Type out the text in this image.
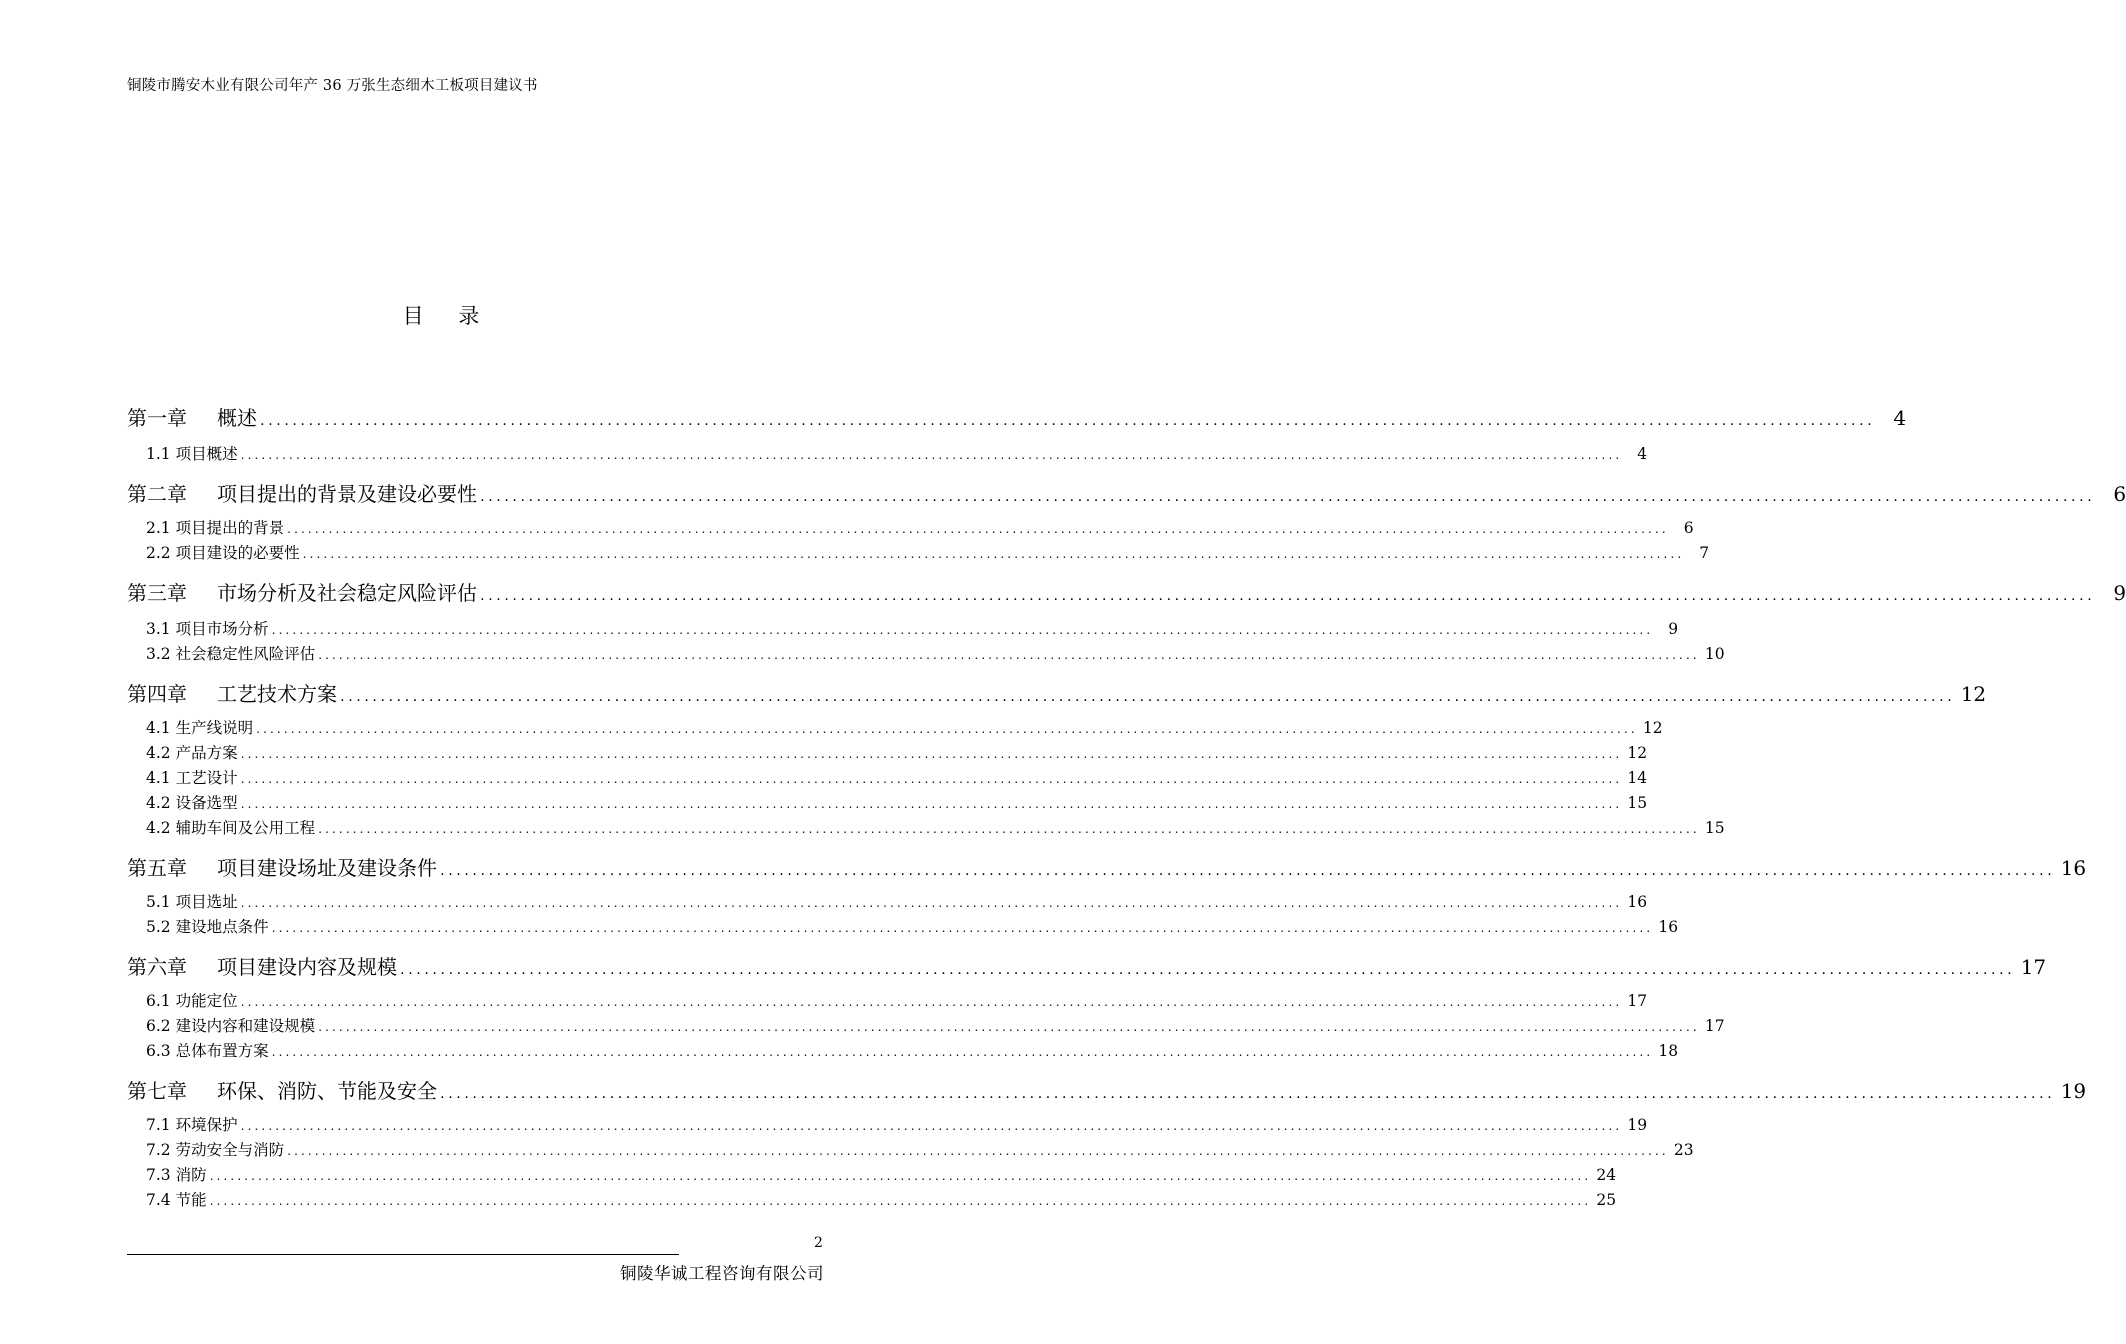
铜陵市腾安木业有限公司年产 36 万张生态细木工板项目建议书
目 录
第一章 概述 ․․․․․․․․․․․․․․․․․․․․․․․․․․․․․․․․․․․․․․․․․․․․․․․․․․․․․․․․․․․․․․․․․․․․․․․․․․․․․․․․․․․․․․․․․․․․․․․․․․․․․․․․․․․․․․․․․․․․․․․․․․․․․․․․․․․․․․․․․․․․․․․․․․․․․․․․․․․․․․․․․․․․․․․․․․․․․․․․․․․․․․․․․․․․․․․․․․․․․․․․ 4
1.1 项目概述 ․․․․․․․․․․․․․․․․․․․․․․․․․․․․․․․․․․․․․․․․․․․․․․․․․․․․․․․․․․․․․․․․․․․․․․․․․․․․․․․․․․․․․․․․․․․․․․․․․․․․․․․․․․․․․․․․․․․․․․․․․․․․․․․․․․․․․․․․․․․․․․․․․․․․․․․․․․․․․․․․․․․․․․․․․․․․․․․․․․․․․․․․․․․․․․․․․․․․․․․․ 4
第二章 项目提出的背景及建设必要性 ․․․․․․․․․․․․․․․․․․․․․․․․․․․․․․․․․․․․․․․․․․․․․․․․․․․․․․․․․․․․․․․․․․․․․․․․․․․․․․․․․․․․․․․․․․․․․․․․․․․․․․․․․․․․․․․․․․․․․․․․․․․․․․․․․․․․․․․․․․․․․․․․․․․․․․․․․․․․․․․․․․․․․․․․․․․․․․․․․․․․․․․․․․․․․․․․․․․․․․․․ 6
2.1 项目提出的背景 ․․․․․․․․․․․․․․․․․․․․․․․․․․․․․․․․․․․․․․․․․․․․․․․․․․․․․․․․․․․․․․․․․․․․․․․․․․․․․․․․․․․․․․․․․․․․․․․․․․․․․․․․․․․․․․․․․․․․․․․․․․․․․․․․․․․․․․․․․․․․․․․․․․․․․․․․․․․․․․․․․․․․․․․․․․․․․․․․․․․․․․․․․․․․․․․․․․․․․․․․ 6
2.2 项目建设的必要性 ․․․․․․․․․․․․․․․․․․․․․․․․․․․․․․․․․․․․․․․․․․․․․․․․․․․․․․․․․․․․․․․․․․․․․․․․․․․․․․․․․․․․․․․․․․․․․․․․․․․․․․․․․․․․․․․․․․․․․․․․․․․․․․․․․․․․․․․․․․․․․․․․․․․․․․․․․․․․․․․․․․․․․․․․․․․․․․․․․․․․․․․․․․․․․․․․․․․․․․․․ 7
第三章 市场分析及社会稳定风险评估 ․․․․․․․․․․․․․․․․․․․․․․․․․․․․․․․․․․․․․․․․․․․․․․․․․․․․․․․․․․․․․․․․․․․․․․․․․․․․․․․․․․․․․․․․․․․․․․․․․․․․․․․․․․․․․․․․․․․․․․․․․․․․․․․․․․․․․․․․․․․․․․․․․․․․․․․․․․․․․․․․․․․․․․․․․․․․․․․․․․․․․․․․․․․․․․․․․․․․․․․․ 9
3.1 项目市场分析 ․․․․․․․․․․․․․․․․․․․․․․․․․․․․․․․․․․․․․․․․․․․․․․․․․․․․․․․․․․․․․․․․․․․․․․․․․․․․․․․․․․․․․․․․․․․․․․․․․․․․․․․․․․․․․․․․․․․․․․․․․․․․․․․․․․․․․․․․․․․․․․․․․․․․․․․․․․․․․․․․․․․․․․․․․․․․․․․․․․․․․․․․․․․․․․․․․․․․․․․․ 9
3.2 社会稳定性风险评估 ․․․․․․․․․․․․․․․․․․․․․․․․․․․․․․․․․․․․․․․․․․․․․․․․․․․․․․․․․․․․․․․․․․․․․․․․․․․․․․․․․․․․․․․․․․․․․․․․․․․․․․․․․․․․․․․․․․․․․․․․․․․․․․․․․․․․․․․․․․․․․․․․․․․․․․․․․․․․․․․․․․․․․․․․․․․․․․․․․․․․․․․․․․․․․․․․․․․․․․․․ 10
第四章 工艺技术方案 ․․․․․․․․․․․․․․․․․․․․․․․․․․․․․․․․․․․․․․․․․․․․․․․․․․․․․․․․․․․․․․․․․․․․․․․․․․․․․․․․․․․․․․․․․․․․․․․․․․․․․․․․․․․․․․․․․․․․․․․․․․․․․․․․․․․․․․․․․․․․․․․․․․․․․․․․․․․․․․․․․․․․․․․․․․․․․․․․․․․․․․․․․․․․․․․․․․․․․․․․ 12
4.1 生产线说明 ․․․․․․․․․․․․․․․․․․․․․․․․․․․․․․․․․․․․․․․․․․․․․․․․․․․․․․․․․․․․․․․․․․․․․․․․․․․․․․․․․․․․․․․․․․․․․․․․․․․․․․․․․․․․․․․․․․․․․․․․․․․․․․․․․․․․․․․․․․․․․․․․․․․․․․․․․․․․․․․․․․․․․․․․․․․․․․․․․․․․․․․․․․․․․․․․․․․․․․․․ 12
4.2 产品方案 ․․․․․․․․․․․․․․․․․․․․․․․․․․․․․․․․․․․․․․․․․․․․․․․․․․․․․․․․․․․․․․․․․․․․․․․․․․․․․․․․․․․․․․․․․․․․․․․․․․․․․․․․․․․․․․․․․․․․․․․․․․․․․․․․․․․․․․․․․․․․․․․․․․․․․․․․․․․․․․․․․․․․․․․․․․․․․․․․․․․․․․․․․․․․․․․․․․․․․․․․ 12
4.1 工艺设计 ․․․․․․․․․․․․․․․․․․․․․․․․․․․․․․․․․․․․․․․․․․․․․․․․․․․․․․․․․․․․․․․․․․․․․․․․․․․․․․․․․․․․․․․․․․․․․․․․․․․․․․․․․․․․․․․․․․․․․․․․․․․․․․․․․․․․․․․․․․․․․․․․․․․․․․․․․․․․․․․․․․․․․․․․․․․․․․․․․․․․․․․․․․․․․․․․․․․․․․․․ 14
4.2 设备选型 ․․․․․․․․․․․․․․․․․․․․․․․․․․․․․․․․․․․․․․․․․․․․․․․․․․․․․․․․․․․․․․․․․․․․․․․․․․․․․․․․․․․․․․․․․․․․․․․․․․․․․․․․․․․․․․․․․․․․․․․․․․․․․․․․․․․․․․․․․․․․․․․․․․․․․․․․․․․․․․․․․․․․․․․․․․․․․․․․․․․․․․․․․․․․․․․․․․․․․․․․ 15
4.2 辅助车间及公用工程 ․․․․․․․․․․․․․․․․․․․․․․․․․․․․․․․․․․․․․․․․․․․․․․․․․․․․․․․․․․․․․․․․․․․․․․․․․․․․․․․․․․․․․․․․․․․․․․․․․․․․․․․․․․․․․․․․․․․․․․․․․․․․․․․․․․․․․․․․․․․․․․․․․․․․․․․․․․․․․․․․․․․․․․․․․․․․․․․․․․․․․․․․․․․․․․․․․․․․․․․․ 15
第五章 项目建设场址及建设条件 ․․․․․․․․․․․․․․․․․․․․․․․․․․․․․․․․․․․․․․․․․․․․․․․․․․․․․․․․․․․․․․․․․․․․․․․․․․․․․․․․․․․․․․․․․․․․․․․․․․․․․․․․․․․․․․․․․․․․․․․․․․․․․․․․․․․․․․․․․․․․․․․․․․․․․․․․․․․․․․․․․․․․․․․․․․․․․․․․․․․․․․․․․․․․․․․․․․․․․․․․ 16
5.1 项目选址 ․․․․․․․․․․․․․․․․․․․․․․․․․․․․․․․․․․․․․․․․․․․․․․․․․․․․․․․․․․․․․․․․․․․․․․․․․․․․․․․․․․․․․․․․․․․․․․․․․․․․․․․․․․․․․․․․․․․․․․․․․․․․․․․․․․․․․․․․․․․․․․․․․․․․․․․․․․․․․․․․․․․․․․․․․․․․․․․․․․․․․․․․․․․․․․․․․․․․․․․․ 16
5.2 建设地点条件 ․․․․․․․․․․․․․․․․․․․․․․․․․․․․․․․․․․․․․․․․․․․․․․․․․․․․․․․․․․․․․․․․․․․․․․․․․․․․․․․․․․․․․․․․․․․․․․․․․․․․․․․․․․․․․․․․․․․․․․․․․․․․․․․․․․․․․․․․․․․․․․․․․․․․․․․․․․․․․․․․․․․․․․․․․․․․․․․․․․․․․․․․․․․․․․․․․․․․․․․․ 16
第六章 项目建设内容及规模 ․․․․․․․․․․․․․․․․․․․․․․․․․․․․․․․․․․․․․․․․․․․․․․․․․․․․․․․․․․․․․․․․․․․․․․․․․․․․․․․․․․․․․․․․․․․․․․․․․․․․․․․․․․․․․․․․․․․․․․․․․․․․․․․․․․․․․․․․․․․․․․․․․․․․․․․․․․․․․․․․․․․․․․․․․․․․․․․․․․․․․․․․․․․․․․․․․․․․․․․․ 17
6.1 功能定位 ․․․․․․․․․․․․․․․․․․․․․․․․․․․․․․․․․․․․․․․․․․․․․․․․․․․․․․․․․․․․․․․․․․․․․․․․․․․․․․․․․․․․․․․․․․․․․․․․․․․․․․․․․․․․․․․․․․․․․․․․․․․․․․․․․․․․․․․․․․․․․․․․․․․․․․․․․․․․․․․․․․․․․․․․․․․․․․․․․․․․․․․․․․․․․․․․․․․․․․․․ 17
6.2 建设内容和建设规模 ․․․․․․․․․․․․․․․․․․․․․․․․․․․․․․․․․․․․․․․․․․․․․․․․․․․․․․․․․․․․․․․․․․․․․․․․․․․․․․․․․․․․․․․․․․․․․․․․․․․․․․․․․․․․․․․․․․․․․․․․․․․․․․․․․․․․․․․․․․․․․․․․․․․․․․․․․․․․․․․․․․․․․․․․․․․․․․․․․․․․․․․․․․․․․․․․․․․․․․․․ 17
6.3 总体布置方案 ․․․․․․․․․․․․․․․․․․․․․․․․․․․․․․․․․․․․․․․․․․․․․․․․․․․․․․․․․․․․․․․․․․․․․․․․․․․․․․․․․․․․․․․․․․․․․․․․․․․․․․․․․․․․․․․․․․․․․․․․․․․․․․․․․․․․․․․․․․․․․․․․․․․․․․․․․․․․․․․․․․․․․․․․․․․․․․․․․․․․․․․․․․․․․․․․․․․․․․․․ 18
第七章 环保、消防、节能及安全 ․․․․․․․․․․․․․․․․․․․․․․․․․․․․․․․․․․․․․․․․․․․․․․․․․․․․․․․․․․․․․․․․․․․․․․․․․․․․․․․․․․․․․․․․․․․․․․․․․․․․․․․․․․․․․․․․․․․․․․․․․․․․․․․․․․․․․․․․․․․․․․․․․․․․․․․․․․․․․․․․․․․․․․․․․․․․․․․․․․․․․․․․․․․․․․․․․․․․․․․․ 19
7.1 环境保护 ․․․․․․․․․․․․․․․․․․․․․․․․․․․․․․․․․․․․․․․․․․․․․․․․․․․․․․․․․․․․․․․․․․․․․․․․․․․․․․․․․․․․․․․․․․․․․․․․․․․․․․․․․․․․․․․․․․․․․․․․․․․․․․․․․․․․․․․․․․․․․․․․․․․․․․․․․․․․․․․․․․․․․․․․․․․․․․․․․․․․․․․․․․․․․․․․․․․․․․․․ 19
7.2 劳动安全与消防 ․․․․․․․․․․․․․․․․․․․․․․․․․․․․․․․․․․․․․․․․․․․․․․․․․․․․․․․․․․․․․․․․․․․․․․․․․․․․․․․․․․․․․․․․․․․․․․․․․․․․․․․․․․․․․․․․․․․․․․․․․․․․․․․․․․․․․․․․․․․․․․․․․․․․․․․․․․․․․․․․․․․․․․․․․․․․․․․․․․․․․․․․․․․․․․․․․․․․․․․․ 23
7.3 消防 ․․․․․․․․․․․․․․․․․․․․․․․․․․․․․․․․․․․․․․․․․․․․․․․․․․․․․․․․․․․․․․․․․․․․․․․․․․․․․․․․․․․․․․․․․․․․․․․․․․․․․․․․․․․․․․․․․․․․․․․․․․․․․․․․․․․․․․․․․․․․․․․․․․․․․․․․․․․․․․․․․․․․․․․․․․․․․․․․․․․․․․․․․․․․․․․․․․․․․․․․ 24
7.4 节能 ․․․․․․․․․․․․․․․․․․․․․․․․․․․․․․․․․․․․․․․․․․․․․․․․․․․․․․․․․․․․․․․․․․․․․․․․․․․․․․․․․․․․․․․․․․․․․․․․․․․․․․․․․․․․․․․․․․․․․․․․․․․․․․․․․․․․․․․․․․․․․․․․․․․․․․․․․․․․․․․․․․․․․․․․․․․․․․․․․․․․․․․․․․․․․․․․․․․․․․․․ 25
2
铜陵华诚工程咨询有限公司
